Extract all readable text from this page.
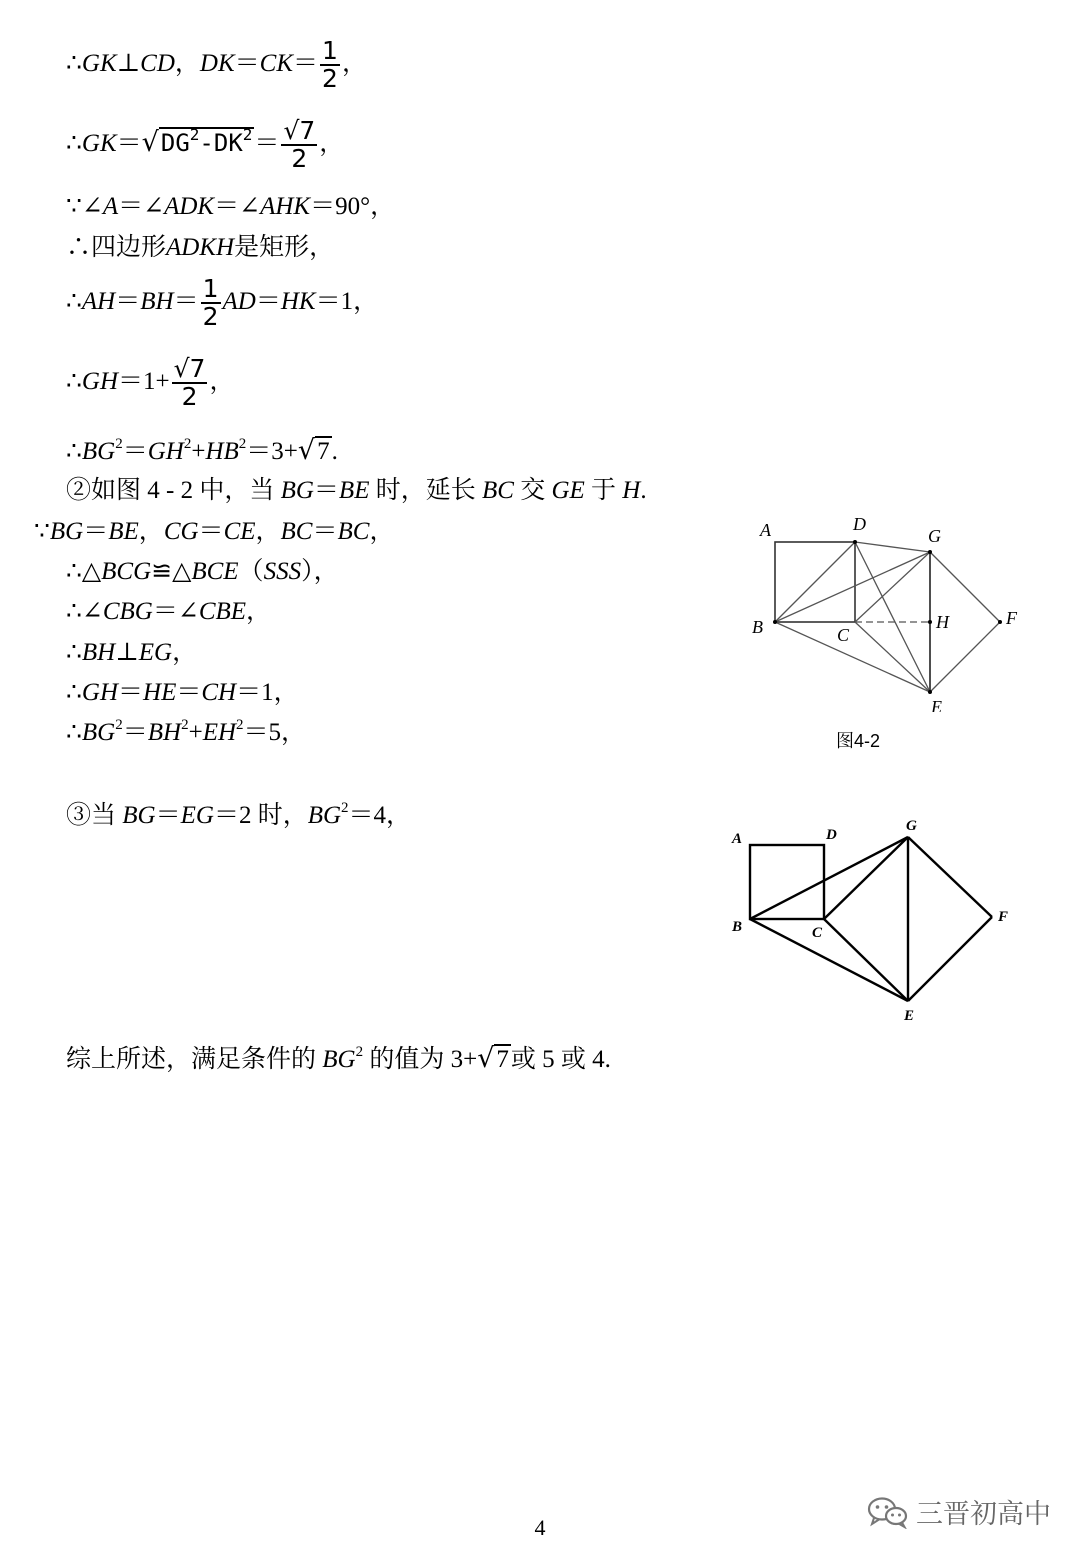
∴GK⊥CD，$DK=CK= \frac{1}{2}$ ，
$\therefore GK=√DG^2-DK^2= \frac{√7}{2}$ ，
∵∠A＝∠ADK＝∠AHK＝90°，
∴四边形ADKH是矩形，
∴AH＝BH＝ $\frac{1}{2} AD=HK=1$，
∴GH＝1+ $\frac{√7}{2}$ ，
$\therefore BG^2=GH^2+HB^2=3+√7$.
②如图 4 - 2 中，当 BG＝BE 时，延长 BC 交 GE 于 H.
∵BG＝BE，CG＝CE，BC＝BC，
∴△BCG≌△BCE（SSS），
∴∠CBG＝∠CBE，
∴BH⊥EG，
∴GH＝HE＝CH＝1，
$\therefore BG^2=BH^2+EH^2=5$，
③当 BG＝EG＝2 时，$BG^2=4$，
综上所述，满足条件的 $BG^2$ 的值为 3+√7或 5 或 4.
A	D
G
B	C
H	F
E
图4-2
A	D
G
B	C
F
E
4	三晋初高中
